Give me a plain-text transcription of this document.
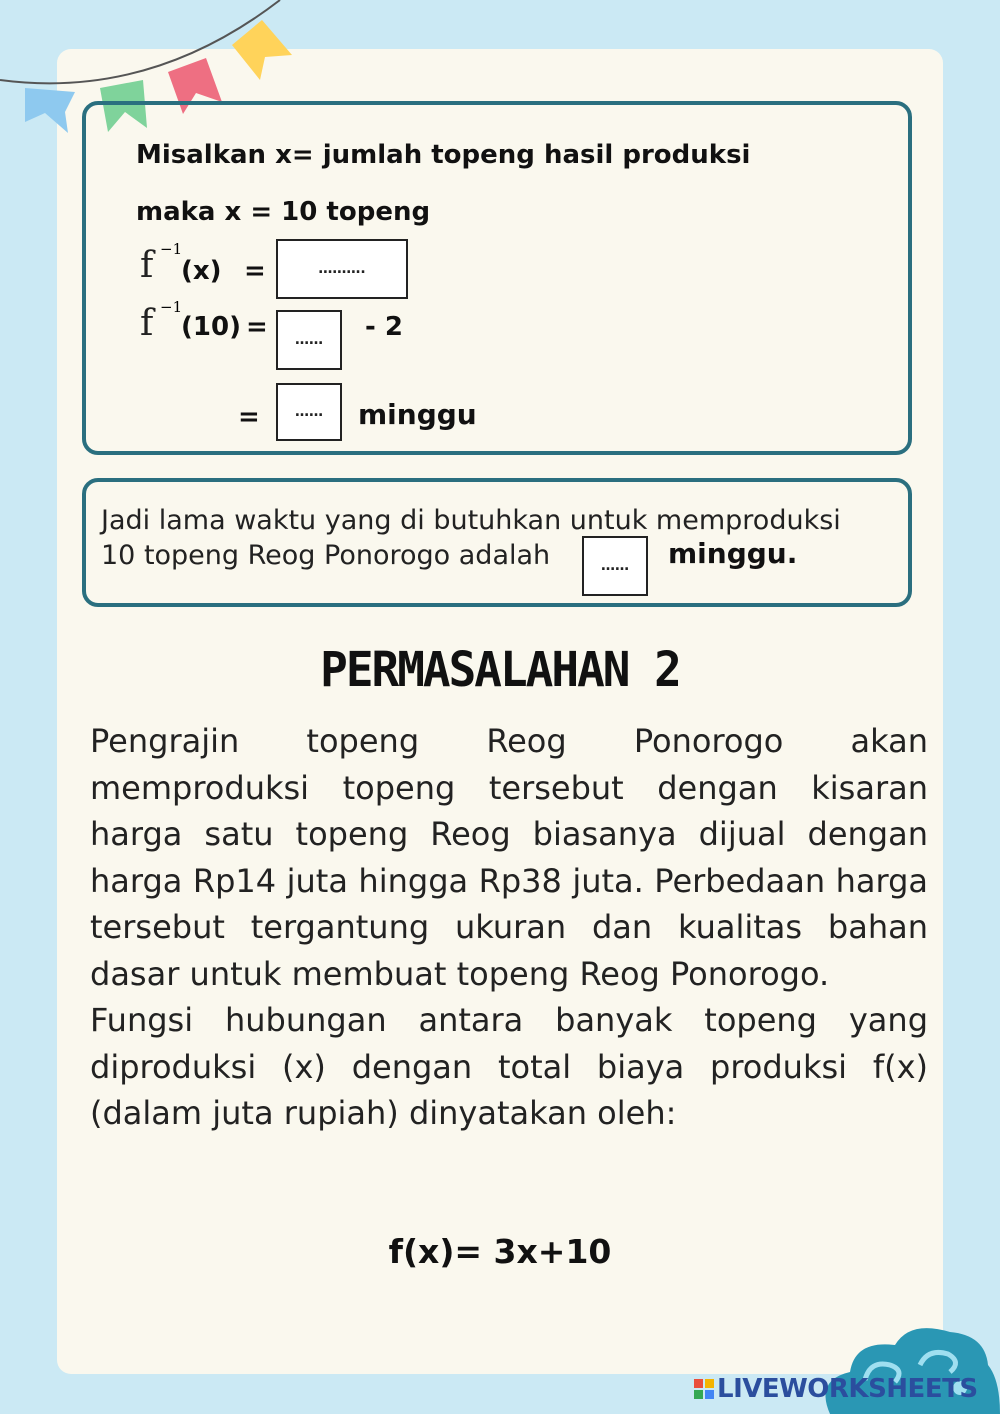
Misalkan x= jumlah topeng hasil produksi
maka x = 10 topeng
f −1
(x) =	……….
f −1
(10) =	……	- 2
=	……	minggu
Jadi lama waktu yang di butuhkan untuk memproduksi
10 topeng Reog Ponorogo adalah	……	minggu.
PERMASALAHAN 2

Pengrajin topeng Reog Ponorogo akan memproduksi topeng tersebut dengan kisaran harga satu topeng Reog biasanya dijual dengan harga Rp14 juta hingga Rp38 juta. Perbedaan harga tersebut tergantung ukuran dan kualitas bahan dasar untuk membuat topeng Reog Ponorogo.

Fungsi hubungan antara banyak topeng yang diproduksi (x) dengan total biaya produksi f(x) (dalam juta rupiah) dinyatakan oleh:

f(x)= 3x+10
LIVEWORKSHEETS
